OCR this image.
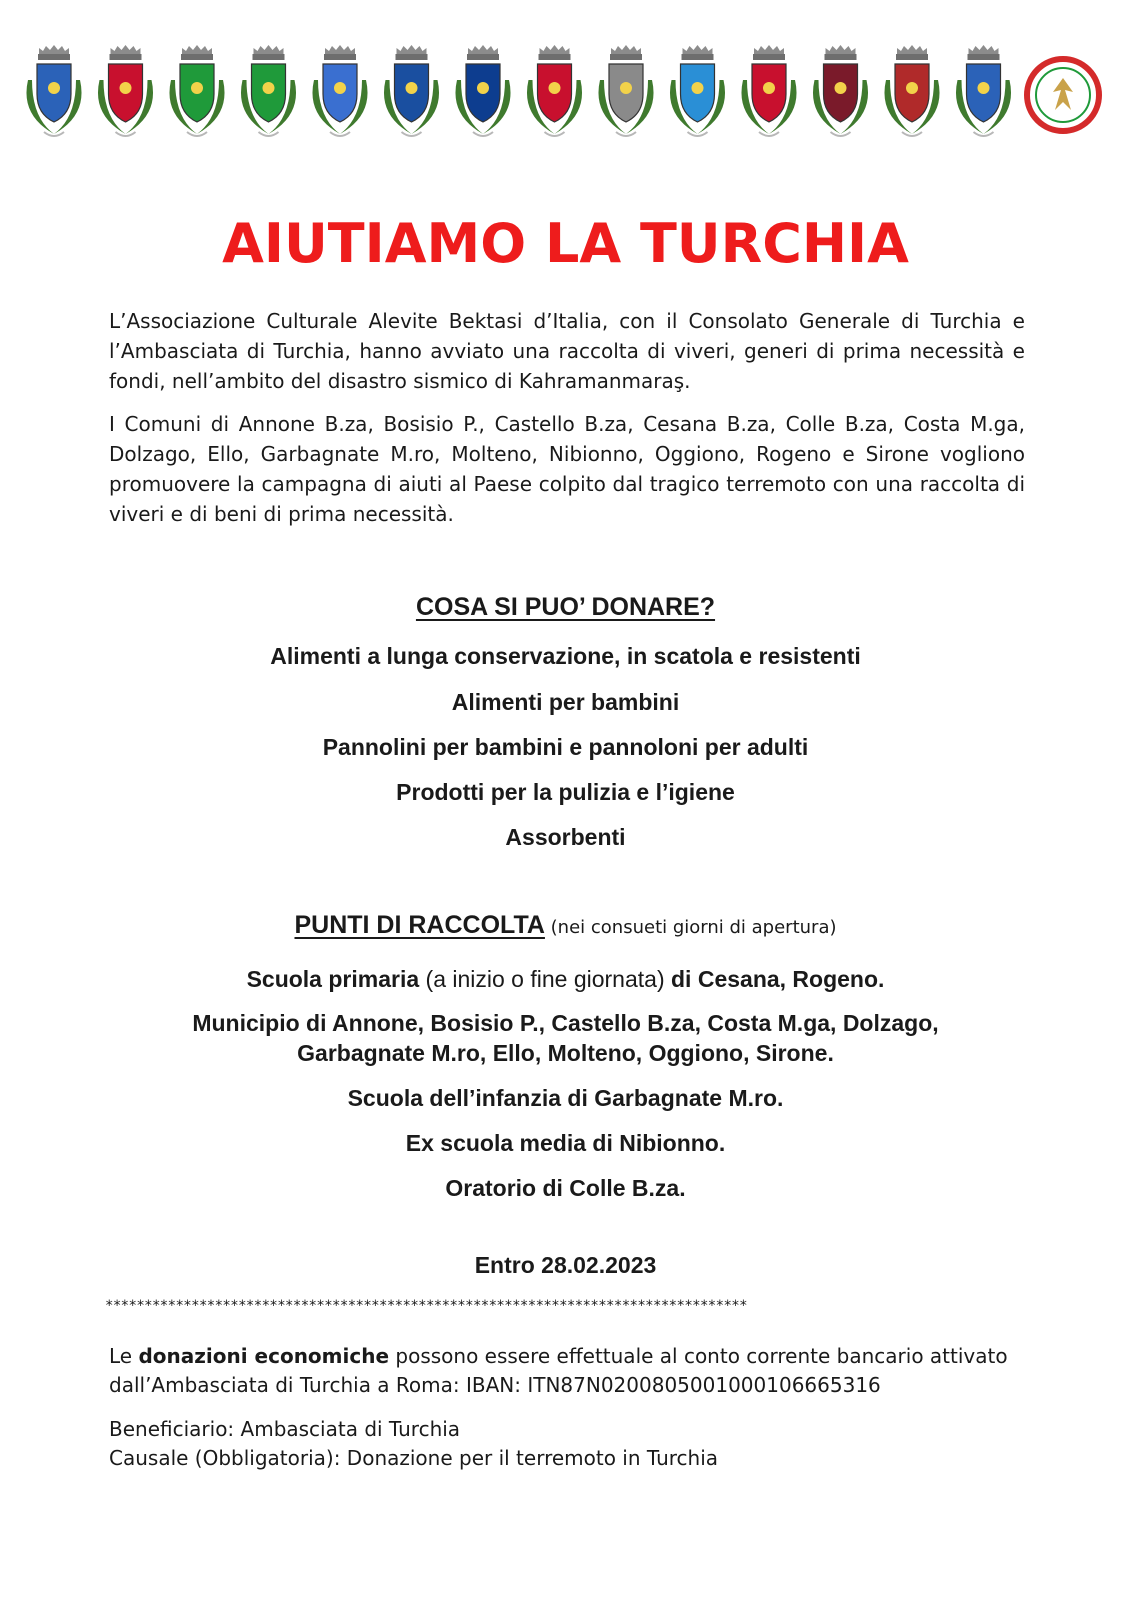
AIUTIAMO LA TURCHIA

L’Associazione Culturale Alevite Bektasi d’Italia, con il Consolato Generale di Turchia e l’Ambasciata di Turchia, hanno avviato una raccolta di viveri, generi di prima necessità e fondi, nell’ambito del disastro sismico di Kahramanmaraş.

I Comuni di Annone B.za, Bosisio P., Castello B.za, Cesana B.za, Colle B.za, Costa M.ga, Dolzago, Ello, Garbagnate M.ro, Molteno, Nibionno, Oggiono, Rogeno e Sirone vogliono promuovere la campagna di aiuti al Paese colpito dal tragico terremoto con una raccolta di viveri e di beni di prima necessità.

COSA SI PUO’ DONARE?

Alimenti a lunga conservazione, in scatola e resistenti

Alimenti per bambini

Pannolini per bambini e pannoloni per adulti

Prodotti per la pulizia e l’igiene

Assorbenti

PUNTI DI RACCOLTA (nei consueti giorni di apertura)

Scuola primaria (a inizio o fine giornata) di Cesana, Rogeno.

Municipio di Annone, Bosisio P., Castello B.za, Costa M.ga, Dolzago,
Garbagnate M.ro, Ello, Molteno, Oggiono, Sirone.

Scuola dell’infanzia di Garbagnate M.ro.

Ex scuola media di Nibionno.

Oratorio di Colle B.za.

Entro 28.02.2023

**********************************************************************************

Le donazioni economiche possono essere effettuale al conto corrente bancario attivato dall’Ambasciata di Turchia a Roma: IBAN: ITN87N0200805001000106665316

Beneficiario: Ambasciata di Turchia
Causale (Obbligatoria): Donazione per il terremoto in Turchia
